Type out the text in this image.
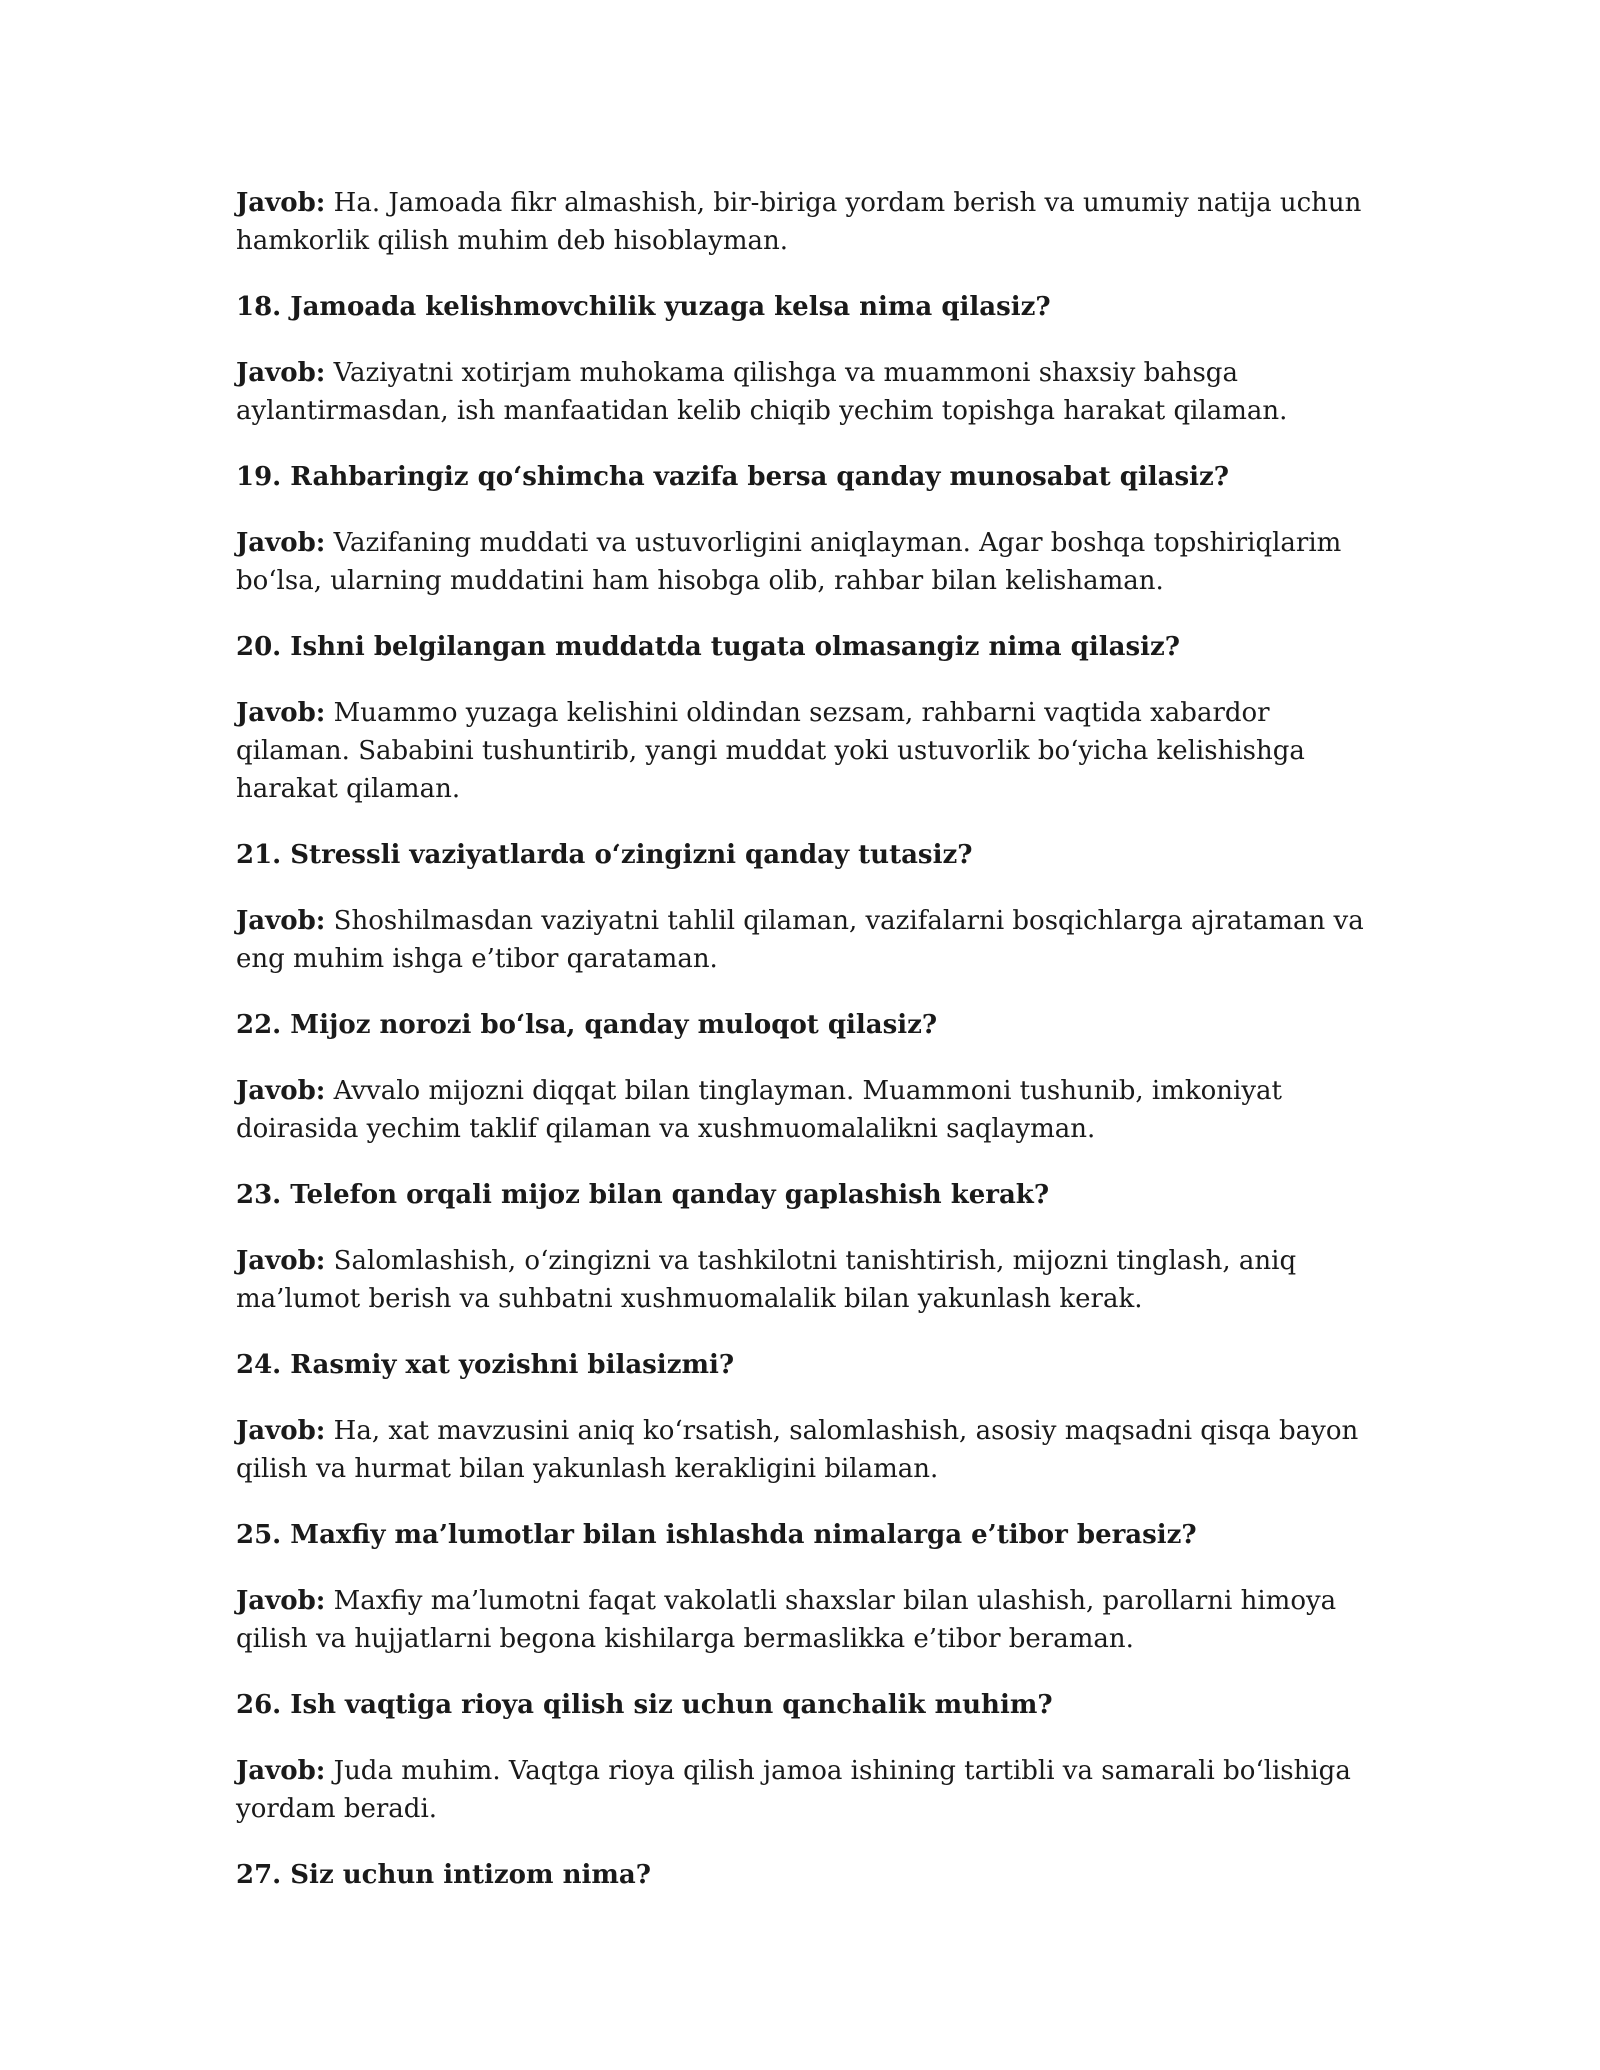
Javob: Ha. Jamoada fikr almashish, bir-biriga yordam berish va umumiy natija uchun hamkorlik qilish muhim deb hisoblayman.

18. Jamoada kelishmovchilik yuzaga kelsa nima qilasiz?

Javob: Vaziyatni xotirjam muhokama qilishga va muammoni shaxsiy bahsga aylantirmasdan, ish manfaatidan kelib chiqib yechim topishga harakat qilaman.

19. Rahbaringiz qo‘shimcha vazifa bersa qanday munosabat qilasiz?

Javob: Vazifaning muddati va ustuvorligini aniqlayman. Agar boshqa topshiriqlarim bo‘lsa, ularning muddatini ham hisobga olib, rahbar bilan kelishaman.

20. Ishni belgilangan muddatda tugata olmasangiz nima qilasiz?

Javob: Muammo yuzaga kelishini oldindan sezsam, rahbarni vaqtida xabardor qilaman. Sababini tushuntirib, yangi muddat yoki ustuvorlik bo‘yicha kelishishga harakat qilaman.

21. Stressli vaziyatlarda o‘zingizni qanday tutasiz?

Javob: Shoshilmasdan vaziyatni tahlil qilaman, vazifalarni bosqichlarga ajrataman va eng muhim ishga e’tibor qarataman.

22. Mijoz norozi bo‘lsa, qanday muloqot qilasiz?

Javob: Avvalo mijozni diqqat bilan tinglayman. Muammoni tushunib, imkoniyat doirasida yechim taklif qilaman va xushmuomalalikni saqlayman.

23. Telefon orqali mijoz bilan qanday gaplashish kerak?

Javob: Salomlashish, o‘zingizni va tashkilotni tanishtirish, mijozni tinglash, aniq ma’lumot berish va suhbatni xushmuomalalik bilan yakunlash kerak.

24. Rasmiy xat yozishni bilasizmi?

Javob: Ha, xat mavzusini aniq ko‘rsatish, salomlashish, asosiy maqsadni qisqa bayon qilish va hurmat bilan yakunlash kerakligini bilaman.

25. Maxfiy ma’lumotlar bilan ishlashda nimalarga e’tibor berasiz?

Javob: Maxfiy ma’lumotni faqat vakolatli shaxslar bilan ulashish, parollarni himoya qilish va hujjatlarni begona kishilarga bermaslikka e’tibor beraman.

26. Ish vaqtiga rioya qilish siz uchun qanchalik muhim?

Javob: Juda muhim. Vaqtga rioya qilish jamoa ishining tartibli va samarali bo‘lishiga yordam beradi.

27. Siz uchun intizom nima?
